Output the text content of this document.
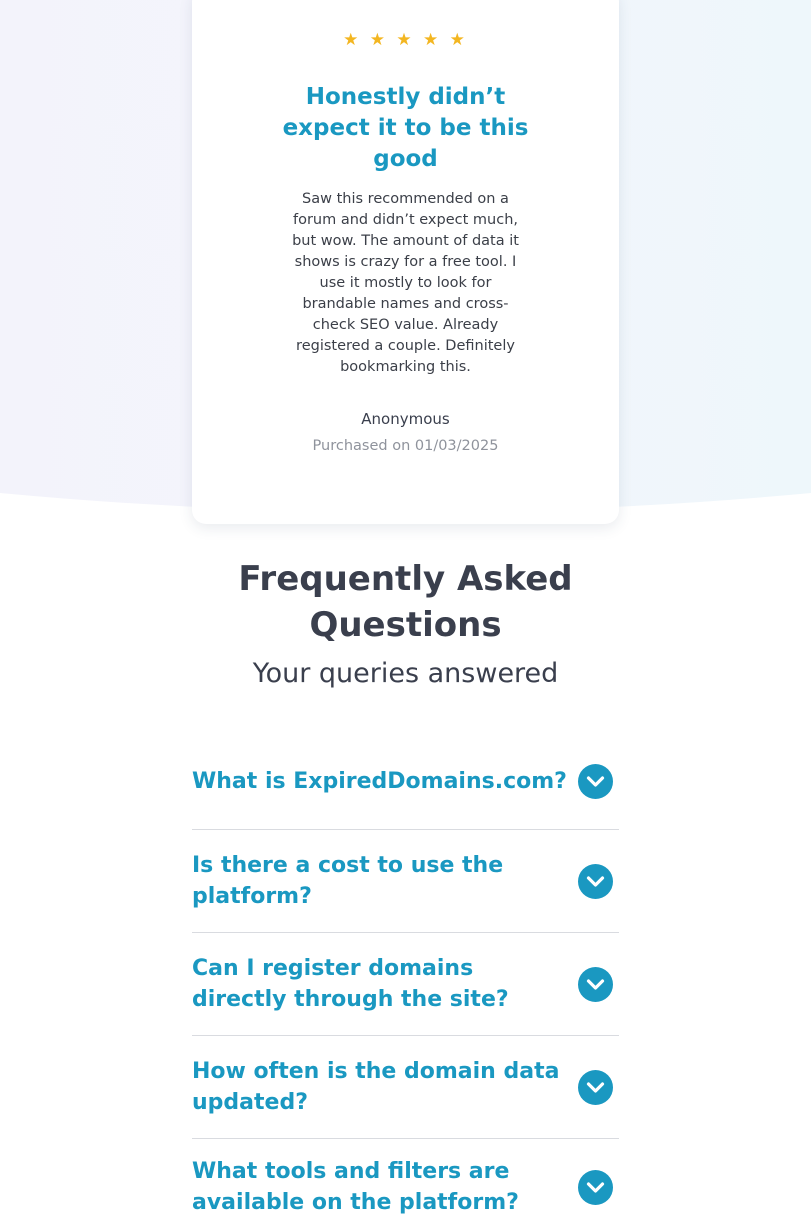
★ ★ ★ ★ ★
Honestly didn’t expect it to be this good
Saw this recommended on a forum and didn’t expect much, but wow. The amount of data it shows is crazy for a free tool. I use it mostly to look for brandable names and cross-check SEO value. Already registered a couple. Definitely bookmarking this.
Anonymous
Purchased on 01/03/2025
Frequently Asked Questions
Your queries answered
What is ExpiredDomains.com?
Is there a cost to use the platform?
Can I register domains directly through the site?
How often is the domain data updated?
What tools and filters are available on the platform?
